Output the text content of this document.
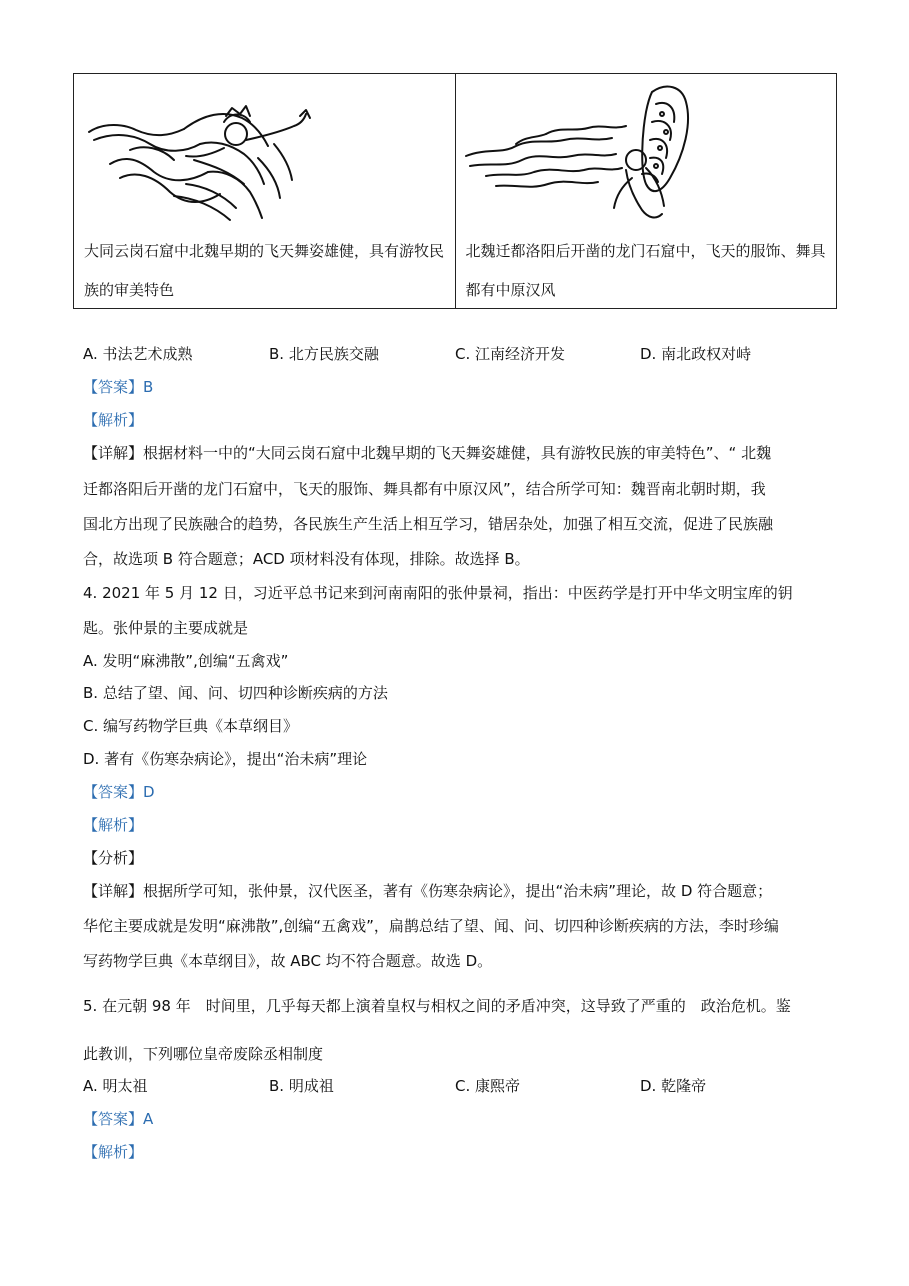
大同云岗石窟中北魏早期的飞天舞姿雄健，具有游牧民族的审美特色
北魏迁都洛阳后开凿的龙门石窟中，飞天的服饰、舞具都有中原汉风
A. 书法艺术成熟	B. 北方民族交融	C. 江南经济开发	D. 南北政权对峙
【答案】B
【解析】
【详解】根据材料一中的“大同云岗石窟中北魏早期的飞天舞姿雄健，具有游牧民族的审美特色”、“ 北魏
迁都洛阳后开凿的龙门石窟中，飞天的服饰、舞具都有中原汉风”，结合所学可知：魏晋南北朝时期，我
国北方出现了民族融合的趋势，各民族生产生活上相互学习，错居杂处，加强了相互交流，促进了民族融
合，故选项 B 符合题意；ACD 项材料没有体现，排除。故选择 B。
4. 2021 年 5 月 12 日，习近平总书记来到河南南阳的张仲景祠，指出：中医药学是打开中华文明宝库的钥
匙。张仲景的主要成就是
A. 发明“麻沸散”,创编“五禽戏”
B. 总结了望、闻、问、切四种诊断疾病的方法
C. 编写药物学巨典《本草纲目》
D. 著有《伤寒杂病论》，提出“治未病”理论
【答案】D
【解析】
【分析】
【详解】根据所学可知，张仲景，汉代医圣，著有《伤寒杂病论》，提出“治未病”理论，故 D 符合题意；
华佗主要成就是发明“麻沸散”,创编“五禽戏”，扁鹊总结了望、闻、问、切四种诊断疾病的方法，李时珍编
写药物学巨典《本草纲目》，故 ABC 均不符合题意。故选 D。
5. 在元朝 98 年　时间里，几乎每天都上演着皇权与相权之间的矛盾冲突，这导致了严重的　政治危机。鉴
此教训，下列哪位皇帝废除丞相制度
A. 明太祖	B. 明成祖	C. 康熙帝	D. 乾隆帝
【答案】A
【解析】
